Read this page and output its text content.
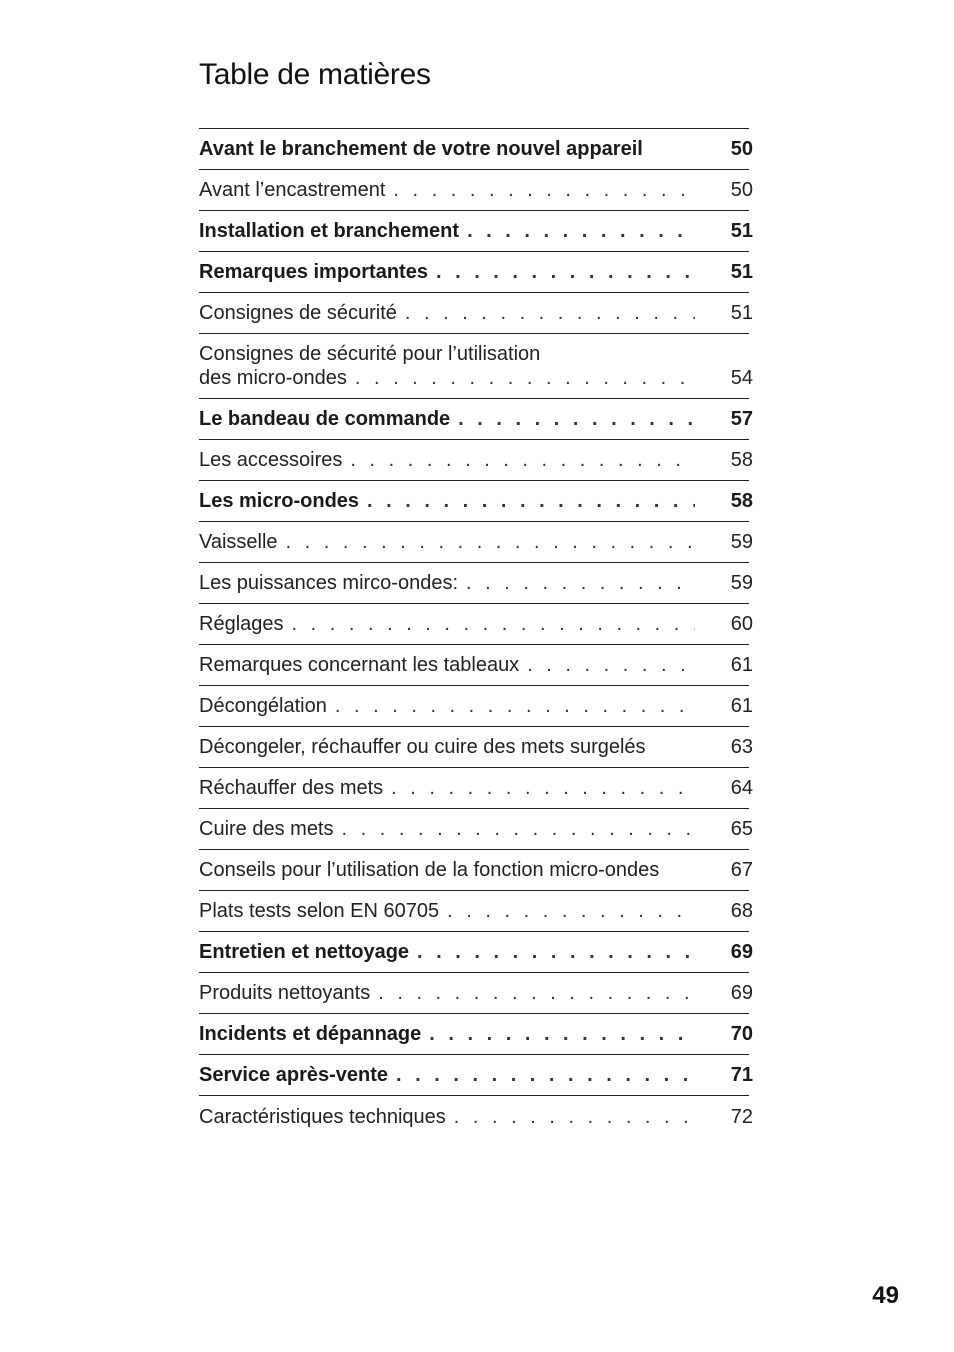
Table de matières
Avant le branchement de votre nouvel appareil	50
Avant l’encastrement . . .	50
Installation et branchement . . .	51
Remarques importantes . . .	51
Consignes de sécurité . . .	51
Consignes de sécurité pour l’utilisation
des micro-ondes . . .	54
Le bandeau de commande . . .	57
Les accessoires . . .	58
Les micro-ondes . . .	58
Vaisselle . . .	59
Les puissances mirco-ondes: . . .	59
Réglages . . .	60
Remarques concernant les tableaux . . .	61
Décongélation . . .	61
Décongeler, réchauffer ou cuire des mets surgelés	63
Réchauffer des mets . . .	64
Cuire des mets . . .	65
Conseils pour l’utilisation de la fonction micro-ondes	67
Plats tests selon EN 60705 . . .	68
Entretien et nettoyage . . .	69
Produits nettoyants . . .	69
Incidents et dépannage . . .	70
Service après-vente . . .	71
Caractéristiques techniques . . .	72
49
